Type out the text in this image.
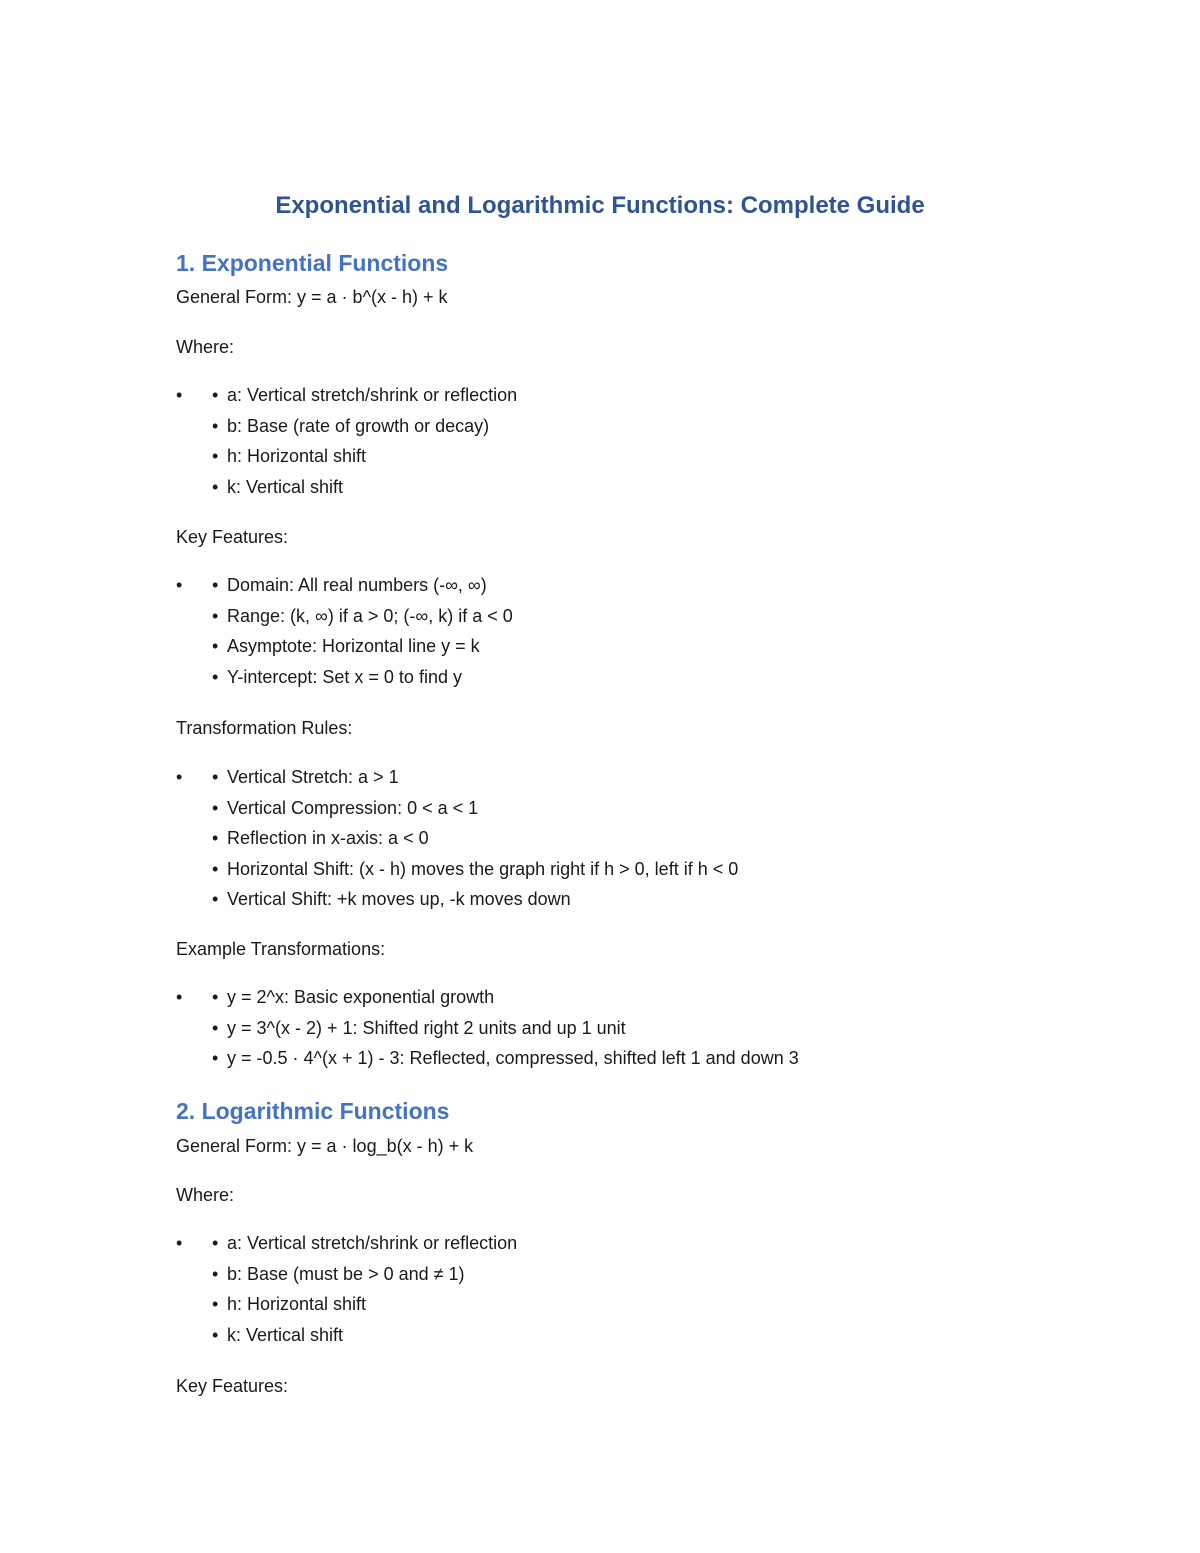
Exponential and Logarithmic Functions: Complete Guide
1. Exponential Functions

General Form: y = a · b^(x - h) + k

Where:

• • a: Vertical stretch/shrink or reflection
• b: Base (rate of growth or decay)
• h: Horizontal shift
• k: Vertical shift

Key Features:

• • Domain: All real numbers (-∞, ∞)
• Range: (k, ∞) if a > 0; (-∞, k) if a < 0
• Asymptote: Horizontal line y = k
• Y-intercept: Set x = 0 to find y

Transformation Rules:

• • Vertical Stretch: a > 1
• Vertical Compression: 0 < a < 1
• Reflection in x-axis: a < 0
• Horizontal Shift: (x - h) moves the graph right if h > 0, left if h < 0
• Vertical Shift: +k moves up, -k moves down

Example Transformations:

• • y = 2^x: Basic exponential growth
• y = 3^(x - 2) + 1: Shifted right 2 units and up 1 unit
• y = -0.5 · 4^(x + 1) - 3: Reflected, compressed, shifted left 1 and down 3
2. Logarithmic Functions

General Form: y = a · log_b(x - h) + k

Where:

• • a: Vertical stretch/shrink or reflection
• b: Base (must be > 0 and ≠ 1)
• h: Horizontal shift
• k: Vertical shift

Key Features:
